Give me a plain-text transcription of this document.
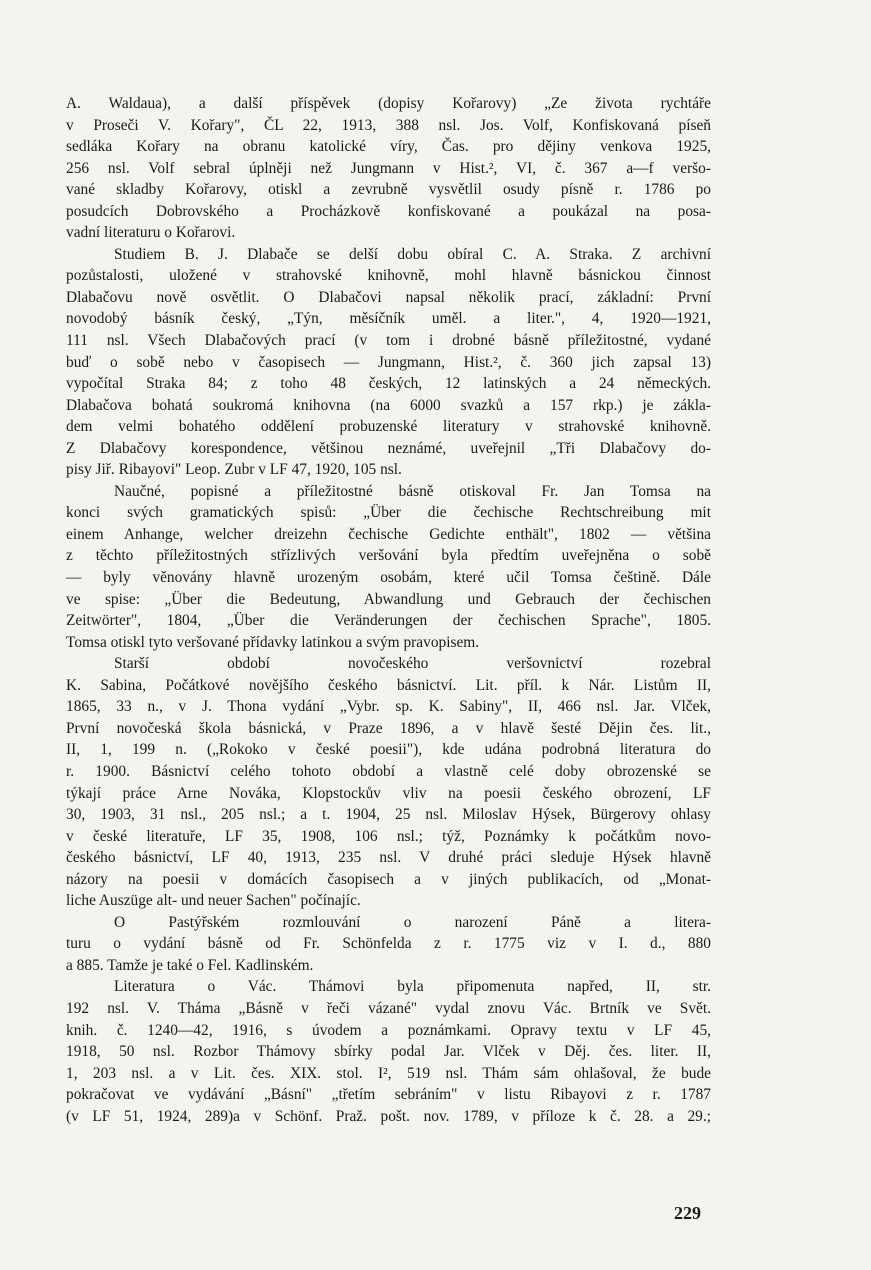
A. Waldaua), a další příspěvek (dopisy Kořarovy) „Ze života rychtáře
v Proseči V. Kořary", ČL 22, 1913, 388 nsl. Jos. Volf, Konfiskovaná píseň
sedláka Kořary na obranu katolické víry, Čas. pro dějiny venkova 1925,
256 nsl. Volf sebral úplněji než Jungmann v Hist.², VI, č. 367 a—f veršo-
vané skladby Kořarovy, otiskl a zevrubně vysvětlil osudy písně r. 1786 po
posudcích Dobrovského a Procházkově konfiskované a poukázal na posa-
vadní literaturu o Kořarovi.
Studiem B. J. Dlabače se delší dobu obíral C. A. Straka. Z archivní
pozůstalosti, uložené v strahovské knihovně, mohl hlavně básnickou činnost
Dlabačovu nově osvětlit. O Dlabačovi napsal několik prací, základní: První
novodobý básník český, „Týn, měsíčník uměl. a liter.", 4, 1920—1921,
111 nsl. Všech Dlabačových prací (v tom i drobné básně příležitostné, vydané
buď o sobě nebo v časopisech — Jungmann, Hist.², č. 360 jich zapsal 13)
vypočítal Straka 84; z toho 48 českých, 12 latinských a 24 německých.
Dlabačova bohatá soukromá knihovna (na 6000 svazků a 157 rkp.) je zákla-
dem velmi bohatého oddělení probuzenské literatury v strahovské knihovně.
Z Dlabačovy korespondence, většinou neznámé, uveřejnil „Tři Dlabačovy do-
pisy Jiř. Ribayovi" Leop. Zubr v LF 47, 1920, 105 nsl.
Naučné, popisné a příležitostné básně otiskoval Fr. Jan Tomsa na
konci svých gramatických spisů: „Über die čechische Rechtschreibung mit
einem Anhange, welcher dreizehn čechische Gedichte enthält", 1802 — většina
z těchto příležitostných střízlivých veršování byla předtím uveřejněna o sobě
— byly věnovány hlavně urozeným osobám, které učil Tomsa češtině. Dále
ve spise: „Über die Bedeutung, Abwandlung und Gebrauch der čechischen
Zeitwörter", 1804, „Über die Veränderungen der čechischen Sprache", 1805.
Tomsa otiskl tyto veršované přídavky latinkou a svým pravopisem.
Starší období novočeského veršovnictví rozebral
K. Sabina, Počátkové novějšího českého básnictví. Lit. příl. k Nár. Listům II,
1865, 33 n., v J. Thona vydání „Vybr. sp. K. Sabiny", II, 466 nsl. Jar. Vlček,
První novočeská škola básnická, v Praze 1896, a v hlavě šesté Dějin čes. lit.,
II, 1, 199 n. („Rokoko v české poesii"), kde udána podrobná literatura do
r. 1900. Básnictví celého tohoto období a vlastně celé doby obrozenské se
týkají práce Arne Nováka, Klopstockův vliv na poesii českého obrození, LF
30, 1903, 31 nsl., 205 nsl.; a t. 1904, 25 nsl. Miloslav Hýsek, Bürgerovy ohlasy
v české literatuře, LF 35, 1908, 106 nsl.; týž, Poznámky k počátkům novo-
českého básnictví, LF 40, 1913, 235 nsl. V druhé práci sleduje Hýsek hlavně
názory na poesii v domácích časopisech a v jiných publikacích, od „Monat-
liche Auszüge alt- und neuer Sachen" počínajíc.
O Pastýřském rozmlouvání o narození Páně a litera-
turu o vydání básně od Fr. Schönfelda z r. 1775 viz v I. d., 880
a 885. Tamže je také o Fel. Kadlinském.
Literatura o Vác. Thámovi byla připomenuta napřed, II, str.
192 nsl. V. Tháma „Básně v řeči vázané" vydal znovu Vác. Brtník ve Svět.
knih. č. 1240—42, 1916, s úvodem a poznámkami. Opravy textu v LF 45,
1918, 50 nsl. Rozbor Thámovy sbírky podal Jar. Vlček v Děj. čes. liter. II,
1, 203 nsl. a v Lit. čes. XIX. stol. I², 519 nsl. Thám sám ohlašoval, že bude
pokračovat ve vydávání „Básní" „třetím sebráním" v listu Ribayovi z r. 1787
(v LF 51, 1924, 289)a v Schönf. Praž. pošt. nov. 1789, v příloze k č. 28. a 29.;
229
